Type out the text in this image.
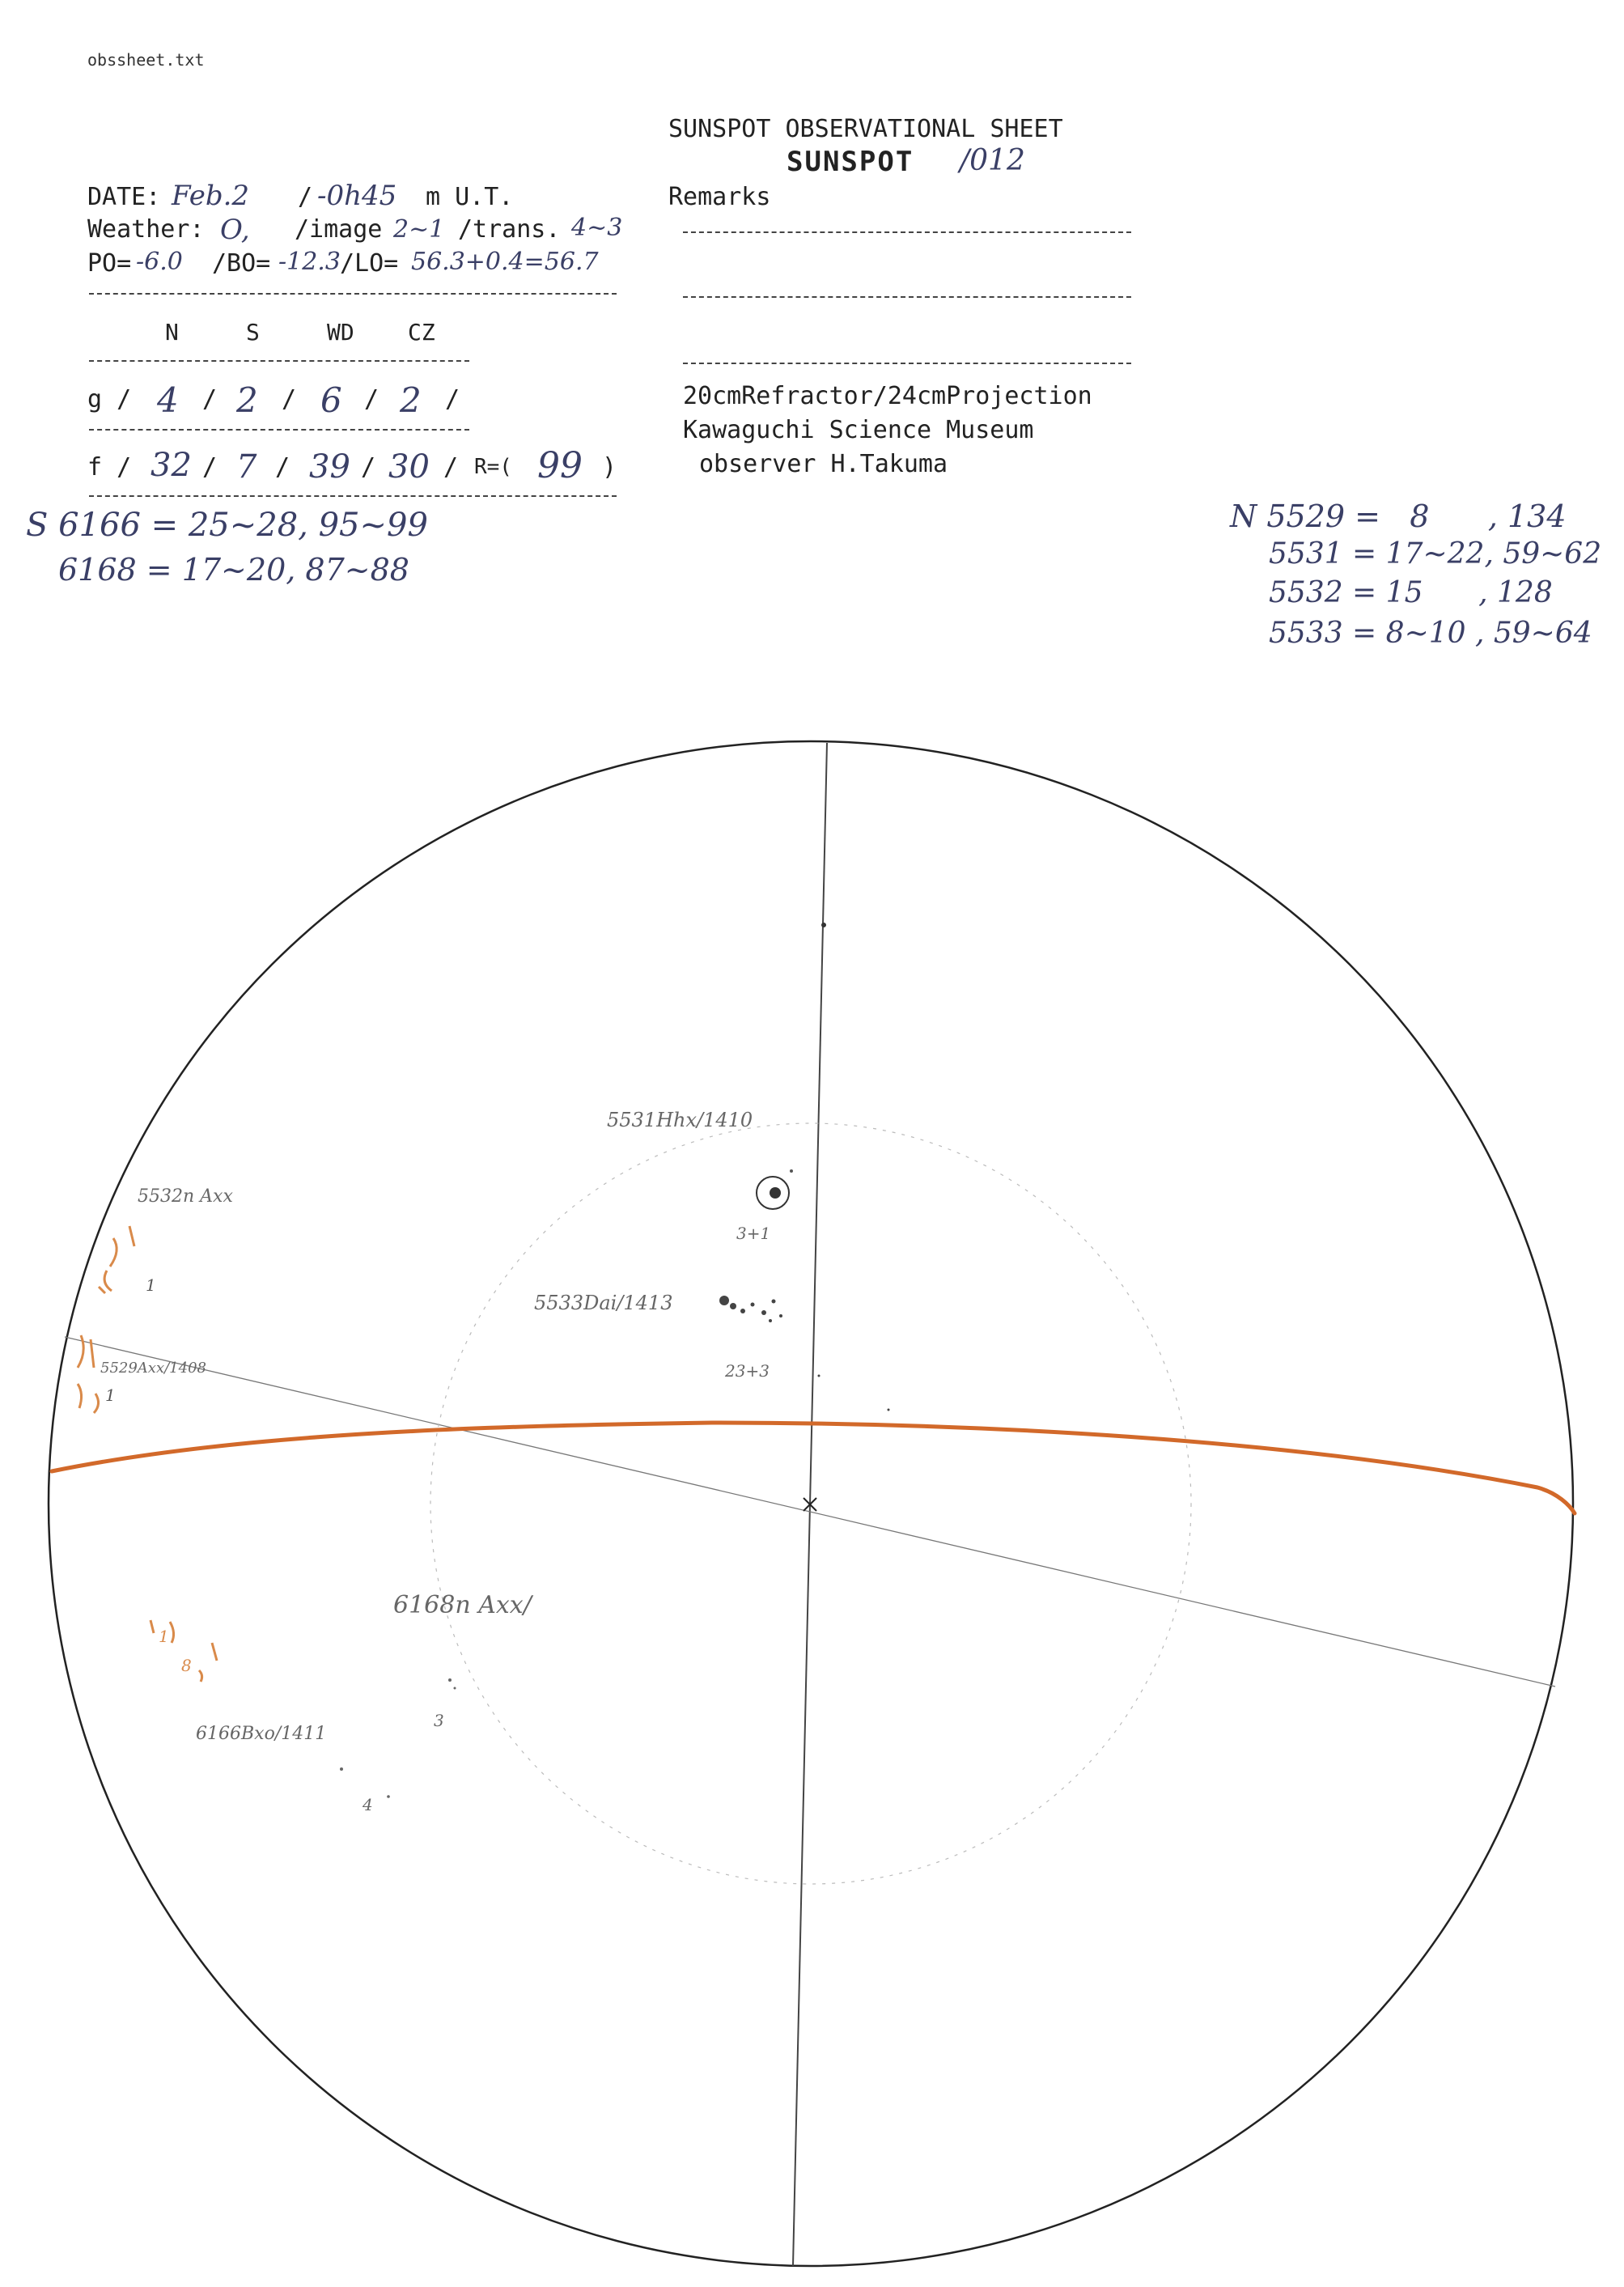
obssheet.txt
SUNSPOT OBSERVATIONAL SHEET
SUNSPOT /012
DATE: Feb.2 / -0h45 m U.T.
Weather: O, /image 2~1 /trans. 4~3
PO= -6.0 /BO= -12.3 /LO= 56.3+0.4=56.7
N	S	WD CZ
g / 4 / 2 / 6 / 2 /
f / 32 / 7 / 39 / 30 / R=( 99 )
Remarks
20cmRefractor/24cmProjection
Kawaguchi Science Museum
observer H.Takuma
S 6166 = 25~28, 95~99
6168 = 17~20, 87~88
N 5529 =   8      , 134
5531 = 17~22, 59~62
5532 = 15      , 128
5533 = 8~10 , 59~64
5531Hhx/1410
3+1
5533Dai/1413
23+3
5532n Axx
1
5529Axx/1408
1
6168n Axx/
3
6166Bxo/1411
4
1
8
